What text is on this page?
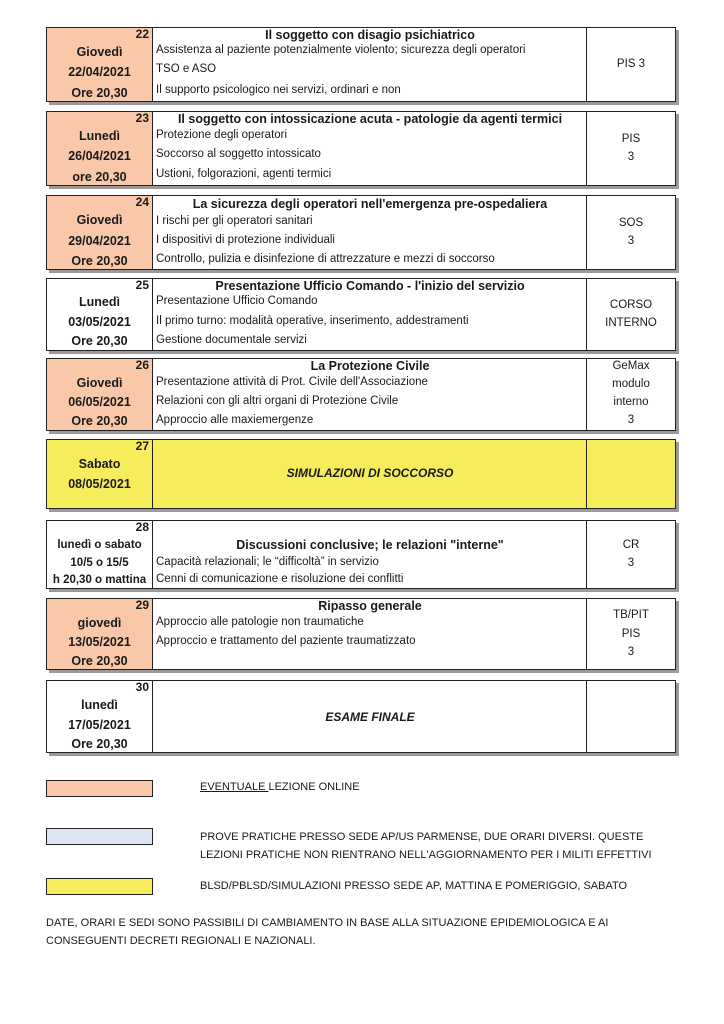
22
Giovedì
22/04/2021
Ore 20,30
Il soggetto con disagio psichiatrico
Assistenza al paziente potenzialmente violento; sicurezza degli operatori
TSO e ASO
Il supporto psicologico nei servizi, ordinari e non
PIS 3
23
Lunedì
26/04/2021
ore 20,30
Il soggetto con intossicazione acuta - patologie da agenti termici
Protezione degli operatori
Soccorso al soggetto intossicato
Ustioni, folgorazioni, agenti termici
PIS
3
24
Giovedì
29/04/2021
Ore 20,30
La sicurezza degli operatori nell'emergenza pre-ospedaliera
I rischi per gli operatori sanitari
I dispositivi di protezione individuali
Controllo, pulizia e disinfezione di attrezzature e mezzi di soccorso
SOS
3
25
Lunedì
03/05/2021
Ore 20,30
Presentazione Ufficio Comando - l'inizio del servizio
Presentazione Ufficio Comando
Il primo turno: modalità operative, inserimento, addestramenti
Gestione documentale servizi
CORSO
INTERNO
26
Giovedì
06/05/2021
Ore 20,30
La Protezione Civile
Presentazione attività di Prot. Civile dell'Associazione
Relazioni con gli altri organi di Protezione Civile
Approccio alle maxiemergenze
GeMax
modulo
interno
3
27
Sabato
08/05/2021
SIMULAZIONI DI SOCCORSO
28
lunedì o sabato
10/5 o 15/5
h 20,30 o mattina
Discussioni conclusive; le relazioni "interne"
Capacità relazionali; le “difficoltà” in servizio
Cenni di comunicazione e risoluzione dei conflitti
CR
3
29
giovedì
13/05/2021
Ore 20,30
Ripasso generale
Approccio alle patologie non traumatiche
Approccio e trattamento del paziente traumatizzato
TB/PIT
PIS
3
30
lunedì
17/05/2021
Ore 20,30
ESAME FINALE
EVENTUALE LEZIONE ONLINE
PROVE PRATICHE PRESSO SEDE AP/US PARMENSE, DUE ORARI DIVERSI. QUESTE
LEZIONI PRATICHE NON RIENTRANO NELL'AGGIORNAMENTO PER I MILITI EFFETTIVI
BLSD/PBLSD/SIMULAZIONI PRESSO SEDE AP, MATTINA E POMERIGGIO, SABATO
DATE, ORARI E SEDI SONO PASSIBILI DI CAMBIAMENTO IN BASE ALLA SITUAZIONE EPIDEMIOLOGICA E AI
CONSEGUENTI DECRETI REGIONALI E NAZIONALI.
